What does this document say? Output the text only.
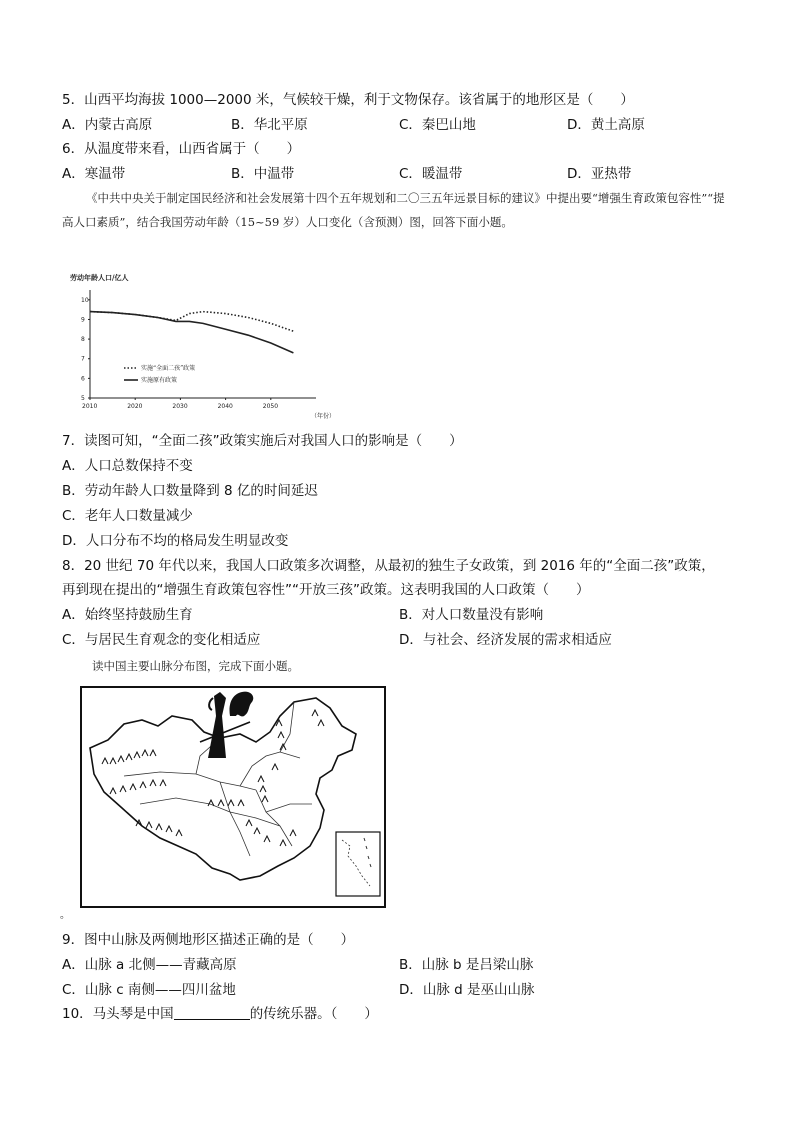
5．山西平均海拔 1000—2000 米，气候较干燥，利于文物保存。该省属于的地形区是（　　）
A．内蒙古高原	B．华北平原	C．秦巴山地	D．黄土高原
6．从温度带来看，山西省属于（　　）
A．寒温带	B．中温带	C．暖温带	D．亚热带
《中共中央关于制定国民经济和社会发展第十四个五年规划和二〇三五年远景目标的建议》中提出要“增强生育政策包容性”“提高人口素质”，结合我国劳动年龄（15~59 岁）人口变化（含预测）图，回答下面小题。
劳动年龄人口/亿人
5
6
7
8
9
10
2010	2020	2030	2040	2050
（年份）
实施“全面二孩”政策
实施原有政策
7．读图可知，“全面二孩”政策实施后对我国人口的影响是（　　）
A．人口总数保持不变
B．劳动年龄人口数量降到 8 亿的时间延迟
C．老年人口数量减少
D．人口分布不均的格局发生明显改变
8．20 世纪 70 年代以来，我国人口政策多次调整，从最初的独生子女政策，到 2016 年的“全面二孩”政策，
再到现在提出的“增强生育政策包容性”“开放三孩”政策。这表明我国的人口政策（　　）
A．始终坚持鼓励生育	B．对人口数量没有影响
C．与居民生育观念的变化相适应	D．与社会、经济发展的需求相适应
读中国主要山脉分布图，完成下面小题。
。
9．图中山脉及两侧地形区描述正确的是（　　）
A．山脉 a 北侧——青藏高原	B．山脉 b 是吕梁山脉
C．山脉 c 南侧——四川盆地	D．山脉 d 是巫山山脉
10．马头琴是中国	的传统乐器。（　　）
